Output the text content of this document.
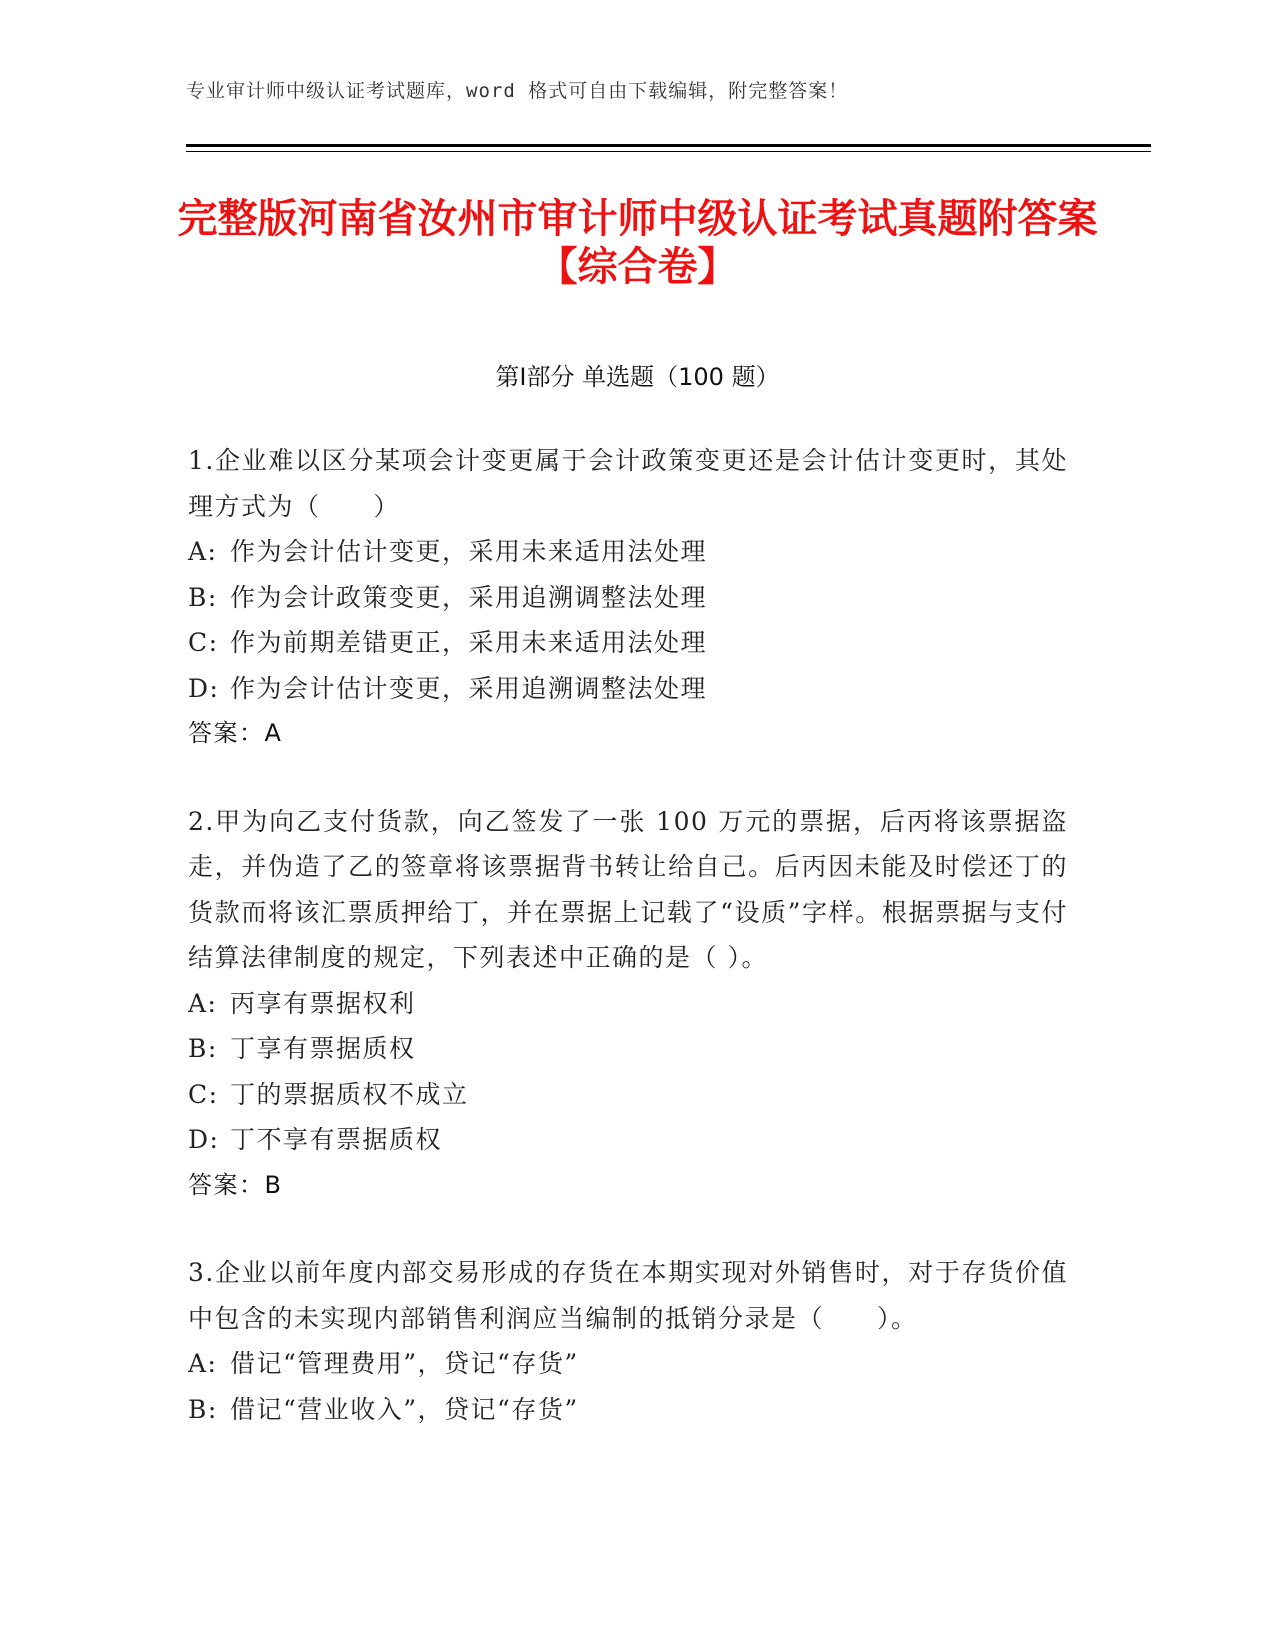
专业审计师中级认证考试题库，word 格式可自由下载编辑，附完整答案！
完整版河南省汝州市审计师中级认证考试真题附答案【综合卷】
第Ⅰ部分 单选题（100 题）
1.企业难以区分某项会计变更属于会计政策变更还是会计估计变更时，其处理方式为（　　）
A: 作为会计估计变更，采用未来适用法处理
B: 作为会计政策变更，采用追溯调整法处理
C: 作为前期差错更正，采用未来适用法处理
D: 作为会计估计变更，采用追溯调整法处理
答案：A
2.甲为向乙支付货款，向乙签发了一张 100 万元的票据，后丙将该票据盗走，并伪造了乙的签章将该票据背书转让给自己。后丙因未能及时偿还丁的货款而将该汇票质押给丁，并在票据上记载了“设质”字样。根据票据与支付结算法律制度的规定，下列表述中正确的是（ ）。
A: 丙享有票据权利
B: 丁享有票据质权
C: 丁的票据质权不成立
D: 丁不享有票据质权
答案：B
3.企业以前年度内部交易形成的存货在本期实现对外销售时，对于存货价值中包含的未实现内部销售利润应当编制的抵销分录是（　　）。
A: 借记“管理费用”，贷记“存货”
B: 借记“营业收入”，贷记“存货”
